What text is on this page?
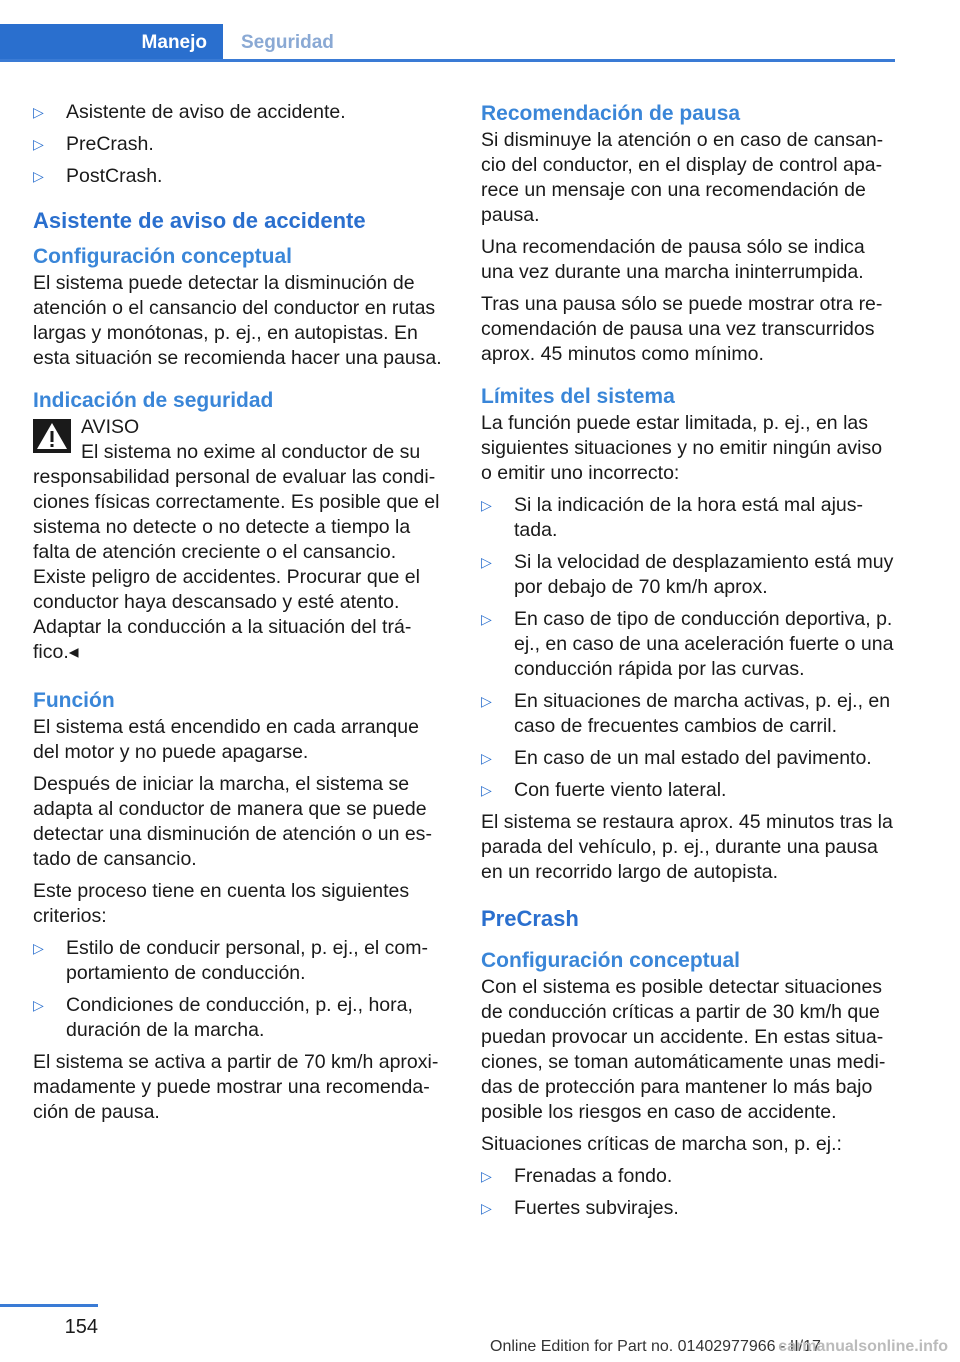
Manejo	Seguridad
▷ Asistente de aviso de accidente.
▷ PreCrash.
▷ PostCrash.
Asistente de aviso de accidente
Configuración conceptual

El sistema puede detectar la disminución de atención o el cansancio del conductor en rutas largas y monótonas, p. ej., en autopistas. En esta situación se recomienda hacer una pausa.

Indicación de seguridad
AVISO

El sistema no exime al conductor de su responsabilidad personal de evaluar las condiciones físicas correctamente. Es posible que el sistema no detecte o no detecte a tiempo la falta de atención creciente o el cansancio. Existe peligro de accidentes. Procurar que el conductor haya descansado y esté atento. Adaptar la conducción a la situación del tráfico.◂

Función

El sistema está encendido en cada arranque del motor y no puede apagarse.

Después de iniciar la marcha, el sistema se adapta al conductor de manera que se puede detectar una disminución de atención o un estado de cansancio.

Este proceso tiene en cuenta los siguientes criterios:

▷ Estilo de conducir personal, p. ej., el comportamiento de conducción.
▷ Condiciones de conducción, p. ej., hora, duración de la marcha.

El sistema se activa a partir de 70 km/h aproximadamente y puede mostrar una recomendación de pausa.

Recomendación de pausa

Si disminuye la atención o en caso de cansancio del conductor, en el display de control aparece un mensaje con una recomendación de pausa.

Una recomendación de pausa sólo se indica una vez durante una marcha ininterrumpida.

Tras una pausa sólo se puede mostrar otra recomendación de pausa una vez transcurridos aprox. 45 minutos como mínimo.

Límites del sistema

La función puede estar limitada, p. ej., en las siguientes situaciones y no emitir ningún aviso o emitir uno incorrecto:

▷ Si la indicación de la hora está mal ajustada.
▷ Si la velocidad de desplazamiento está muy por debajo de 70 km/h aprox.
▷ En caso de tipo de conducción deportiva, p. ej., en caso de una aceleración fuerte o una conducción rápida por las curvas.
▷ En situaciones de marcha activas, p. ej., en caso de frecuentes cambios de carril.
▷ En caso de un mal estado del pavimento.
▷ Con fuerte viento lateral.

El sistema se restaura aprox. 45 minutos tras la parada del vehículo, p. ej., durante una pausa en un recorrido largo de autopista.

PreCrash
Configuración conceptual

Con el sistema es posible detectar situaciones de conducción críticas a partir de 30 km/h que puedan provocar un accidente. En estas situaciones, se toman automáticamente unas medidas de protección para mantener lo más bajo posible los riesgos en caso de accidente.

Situaciones críticas de marcha son, p. ej.:

▷ Frenadas a fondo.
▷ Fuertes subvirajes.
154
Online Edition for Part no. 01402977966 - II/17
carmanualsonline.info
